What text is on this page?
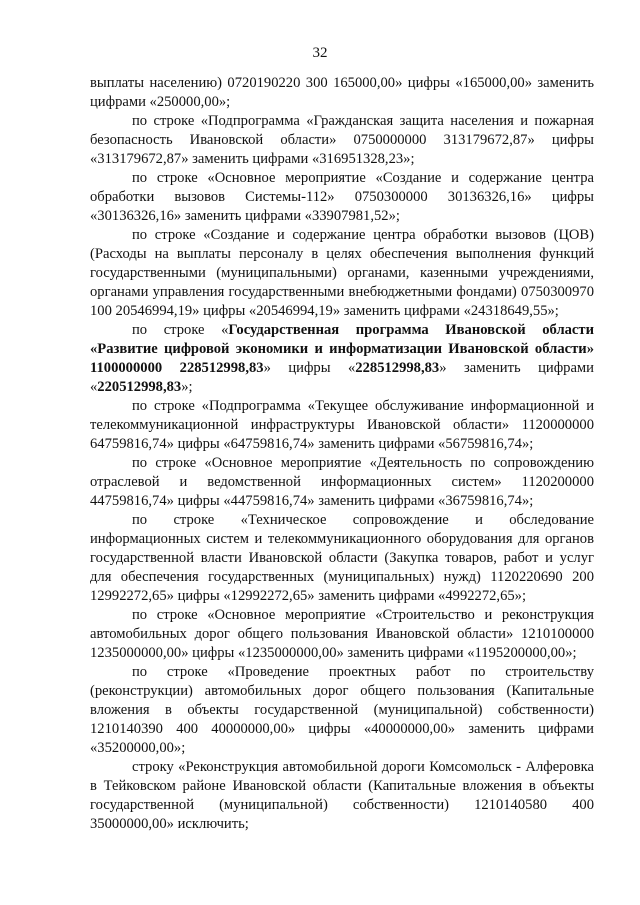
32

выплаты населению) 0720190220 300 165000,00» цифры «165000,00» заменить цифрами «250000,00»;

по строке «Подпрограмма «Гражданская защита населения и пожарная безопасность Ивановской области» 0750000000 313179672,87» цифры «313179672,87» заменить цифрами «316951328,23»;

по строке «Основное мероприятие «Создание и содержание центра обработки вызовов Системы-112» 0750300000 30136326,16» цифры «30136326,16» заменить цифрами «33907981,52»;

по строке «Создание и содержание центра обработки вызовов (ЦОВ) (Расходы на выплаты персоналу в целях обеспечения выполнения функций государственными (муниципальными) органами, казенными учреждениями, органами управления государственными внебюджетными фондами) 0750300970 100 20546994,19» цифры «20546994,19» заменить цифрами «24318649,55»;

по строке «Государственная программа Ивановской области «Развитие цифровой экономики и информатизации Ивановской области» 1100000000 228512998,83» цифры «228512998,83» заменить цифрами «220512998,83»;

по строке «Подпрограмма «Текущее обслуживание информационной и телекоммуникационной инфраструктуры Ивановской области» 1120000000 64759816,74» цифры «64759816,74» заменить цифрами «56759816,74»;

по строке «Основное мероприятие «Деятельность по сопровождению отраслевой и ведомственной информационных систем» 1120200000 44759816,74» цифры «44759816,74» заменить цифрами «36759816,74»;

по строке «Техническое сопровождение и обследование информационных систем и телекоммуникационного оборудования для органов государственной власти Ивановской области (Закупка товаров, работ и услуг для обеспечения государственных (муниципальных) нужд) 1120220690 200 12992272,65» цифры «12992272,65» заменить цифрами «4992272,65»;

по строке «Основное мероприятие «Строительство и реконструкция автомобильных дорог общего пользования Ивановской области» 1210100000 1235000000,00» цифры «1235000000,00» заменить цифрами «1195200000,00»;

по строке «Проведение проектных работ по строительству (реконструкции) автомобильных дорог общего пользования (Капитальные вложения в объекты государственной (муниципальной) собственности) 1210140390 400 40000000,00» цифры «40000000,00» заменить цифрами «35200000,00»;

строку «Реконструкция автомобильной дороги Комсомольск - Алферовка в Тейковском районе Ивановской области (Капитальные вложения в объекты государственной (муниципальной) собственности) 1210140580 400 35000000,00» исключить;
